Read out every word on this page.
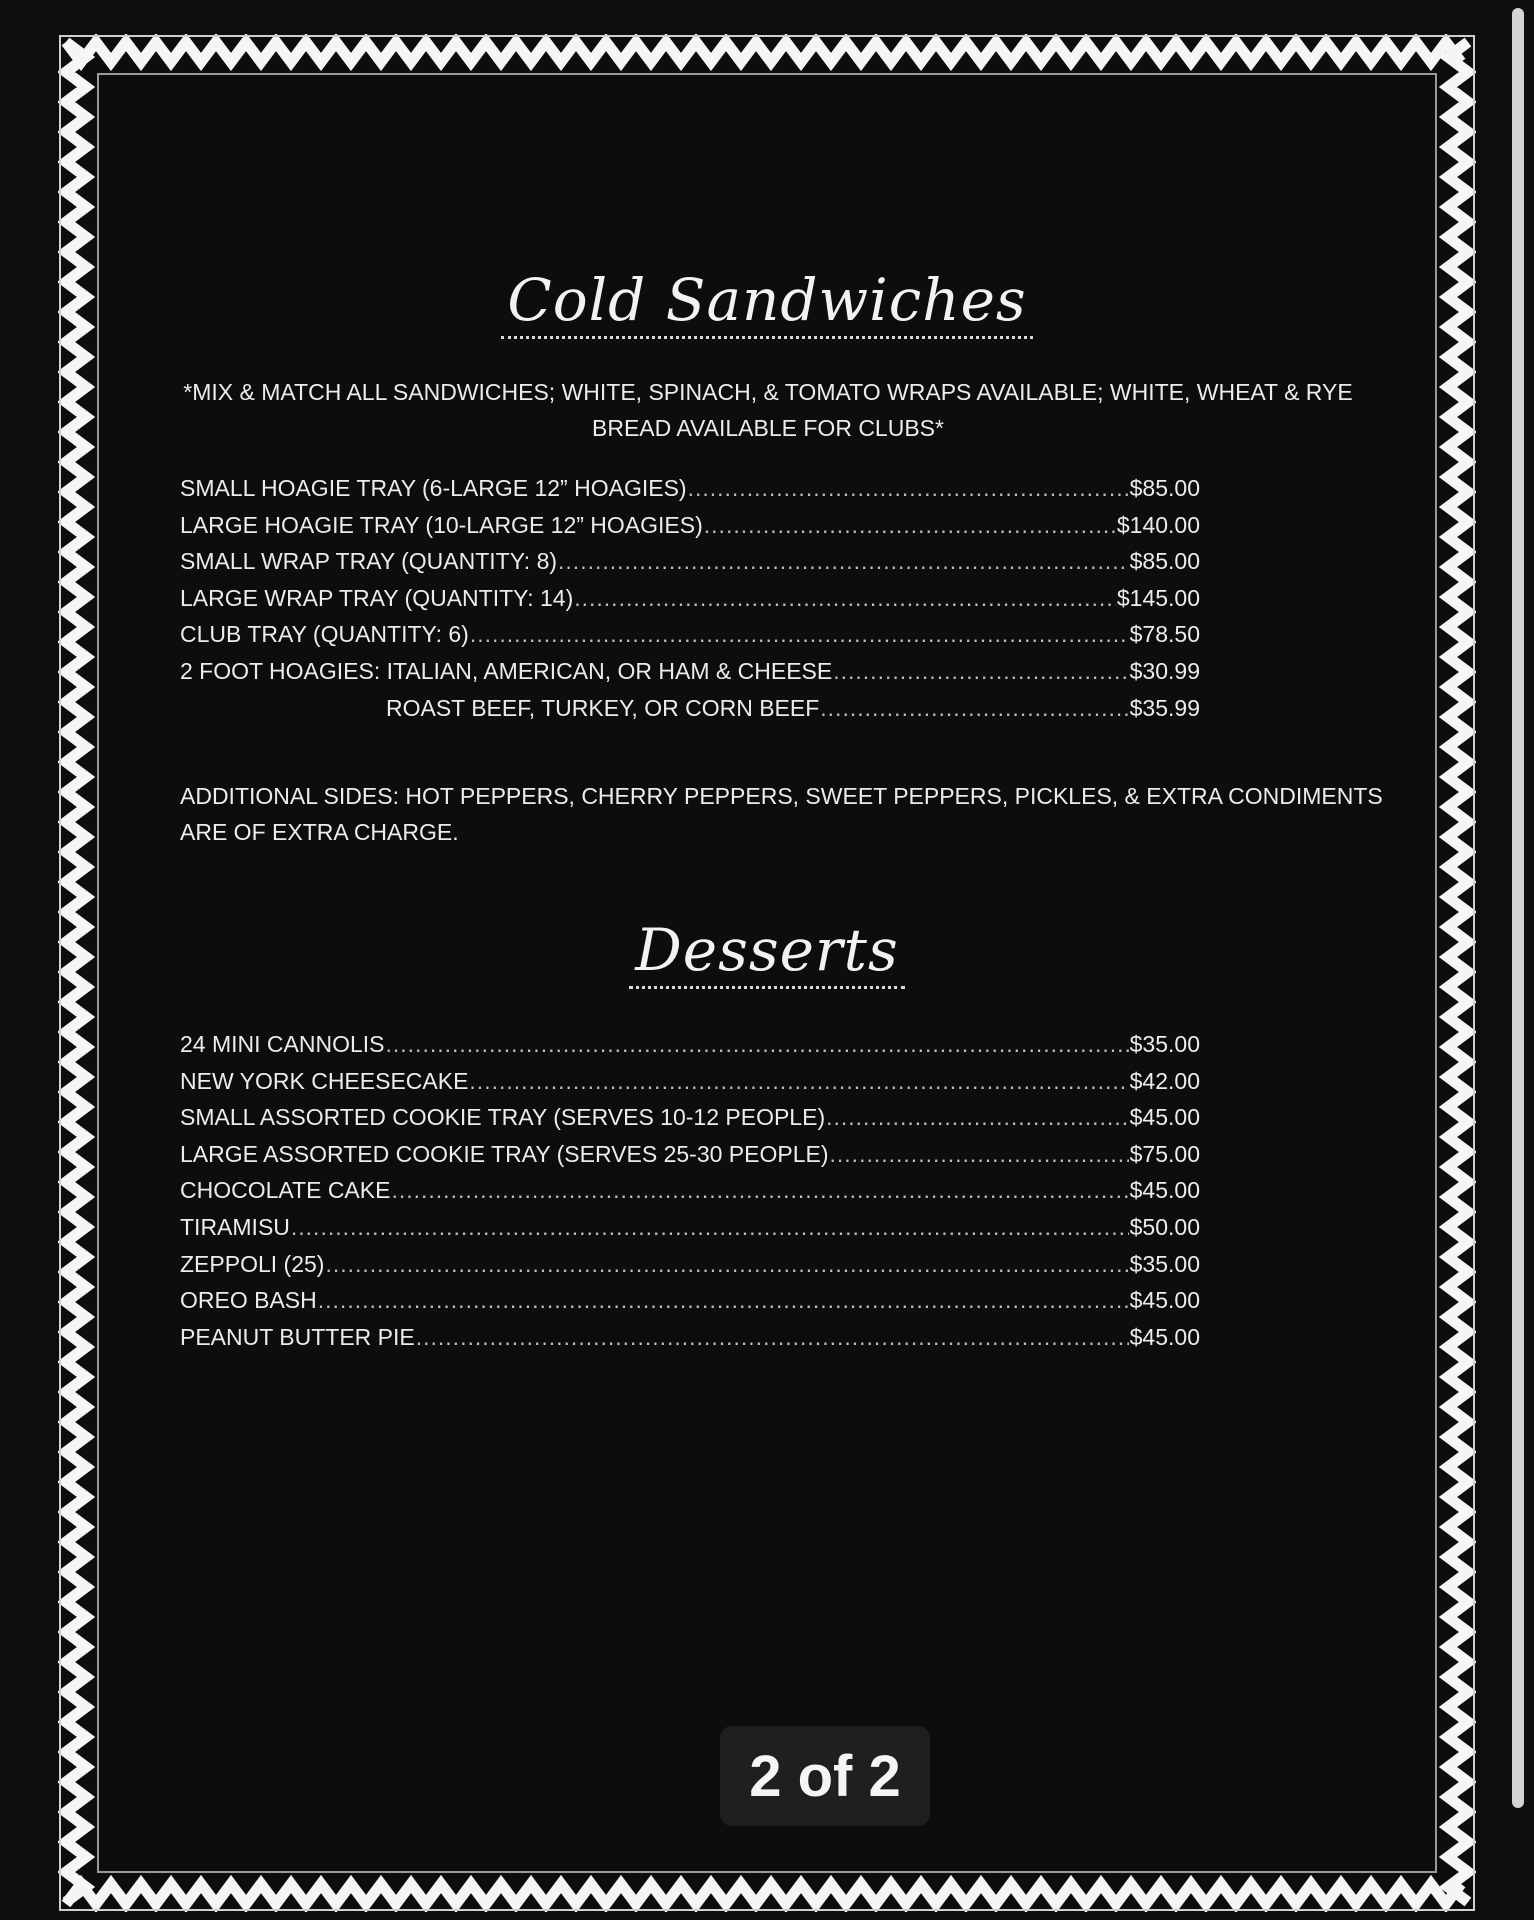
Cold Sandwiches
*MIX & MATCH ALL SANDWICHES; WHITE, SPINACH, & TOMATO WRAPS AVAILABLE; WHITE, WHEAT & RYE BREAD AVAILABLE FOR CLUBS*
SMALL HOAGIE TRAY (6-LARGE 12” HOAGIES) .....	$85.00
LARGE HOAGIE TRAY (10-LARGE 12” HOAGIES) .....	$140.00
SMALL WRAP TRAY (QUANTITY: 8) .....	$85.00
LARGE WRAP TRAY (QUANTITY: 14) .....	$145.00
CLUB TRAY (QUANTITY: 6) .....	$78.50
2 FOOT HOAGIES: ITALIAN, AMERICAN, OR HAM & CHEESE .....	$30.99
ROAST BEEF, TURKEY, OR CORN BEEF .....	$35.99
ADDITIONAL SIDES: HOT PEPPERS, CHERRY PEPPERS, SWEET PEPPERS, PICKLES, & EXTRA CONDIMENTS ARE OF EXTRA CHARGE.
Desserts
24 MINI CANNOLIS .....	$35.00
NEW YORK CHEESECAKE .....	$42.00
SMALL ASSORTED COOKIE TRAY (SERVES 10-12 PEOPLE) .....	$45.00
LARGE ASSORTED COOKIE TRAY (SERVES 25-30 PEOPLE) .....	$75.00
CHOCOLATE CAKE .....	$45.00
TIRAMISU .....	$50.00
ZEPPOLI (25) .....	$35.00
OREO BASH .....	$45.00
PEANUT BUTTER PIE .....	$45.00
2 of 2
